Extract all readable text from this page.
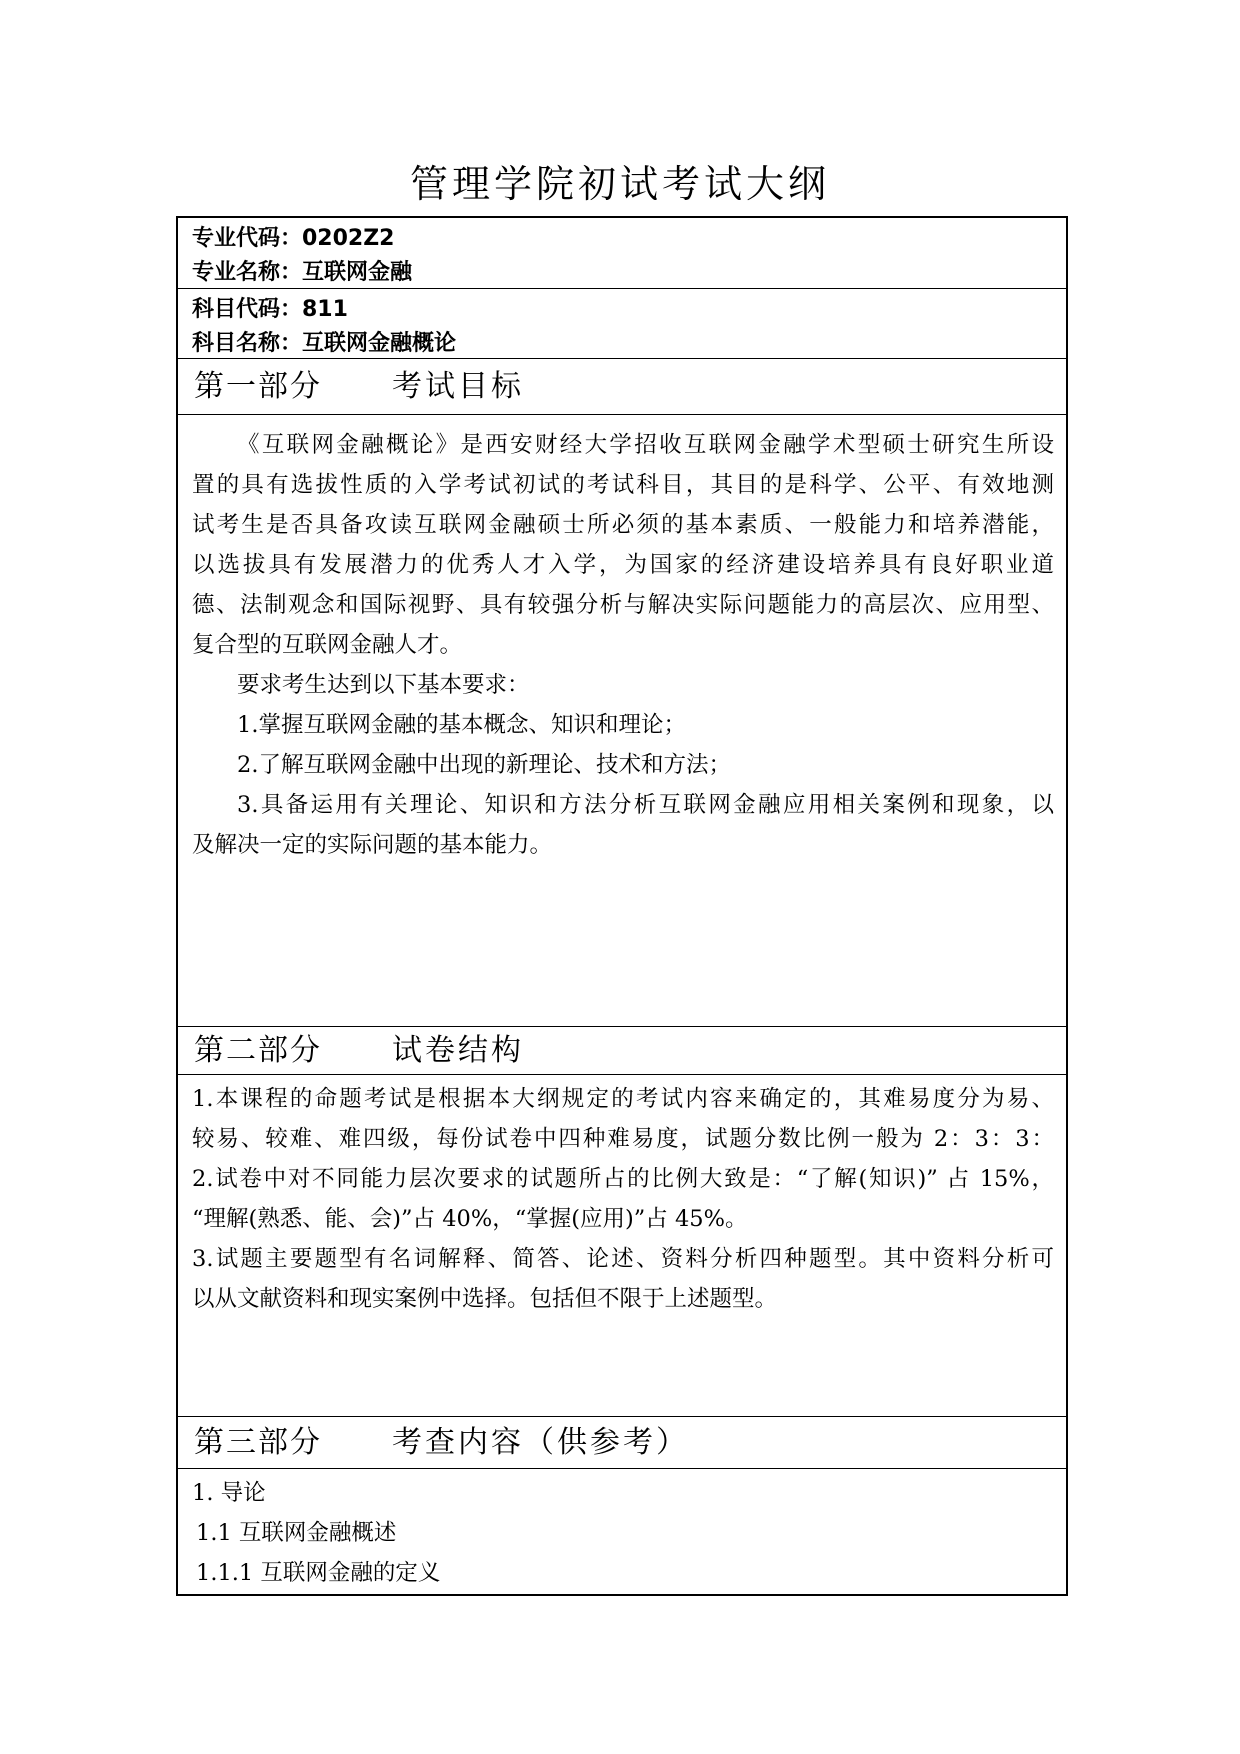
管理学院初试考试大纲
专业代码：0202Z2
专业名称：互联网金融
科目代码：811
科目名称：互联网金融概论
第一部分	考试目标
《互联网金融概论》是西安财经大学招收互联网金融学术型硕士研究生所设
置的具有选拔性质的入学考试初试的考试科目，其目的是科学、公平、有效地测
试考生是否具备攻读互联网金融硕士所必须的基本素质、一般能力和培养潜能，
以选拔具有发展潜力的优秀人才入学，为国家的经济建设培养具有良好职业道
德、法制观念和国际视野、具有较强分析与解决实际问题能力的高层次、应用型、
复合型的互联网金融人才。
要求考生达到以下基本要求：
1.掌握互联网金融的基本概念、知识和理论；
2.了解互联网金融中出现的新理论、技术和方法；
3.具备运用有关理论、知识和方法分析互联网金融应用相关案例和现象，以
及解决一定的实际问题的基本能力。
第二部分	试卷结构
1.本课程的命题考试是根据本大纲规定的考试内容来确定的，其难易度分为易、
较易、较难、难四级，每份试卷中四种难易度，试题分数比例一般为 2：3：3：
2.试卷中对不同能力层次要求的试题所占的比例大致是：“了解(知识)” 占 15%，
“理解(熟悉、能、会)”占 40%，“掌握(应用)”占 45%。
3.试题主要题型有名词解释、简答、论述、资料分析四种题型。其中资料分析可
以从文献资料和现实案例中选择。包括但不限于上述题型。
第三部分	考查内容（供参考）
1. 导论
1.1 互联网金融概述
1.1.1 互联网金融的定义
